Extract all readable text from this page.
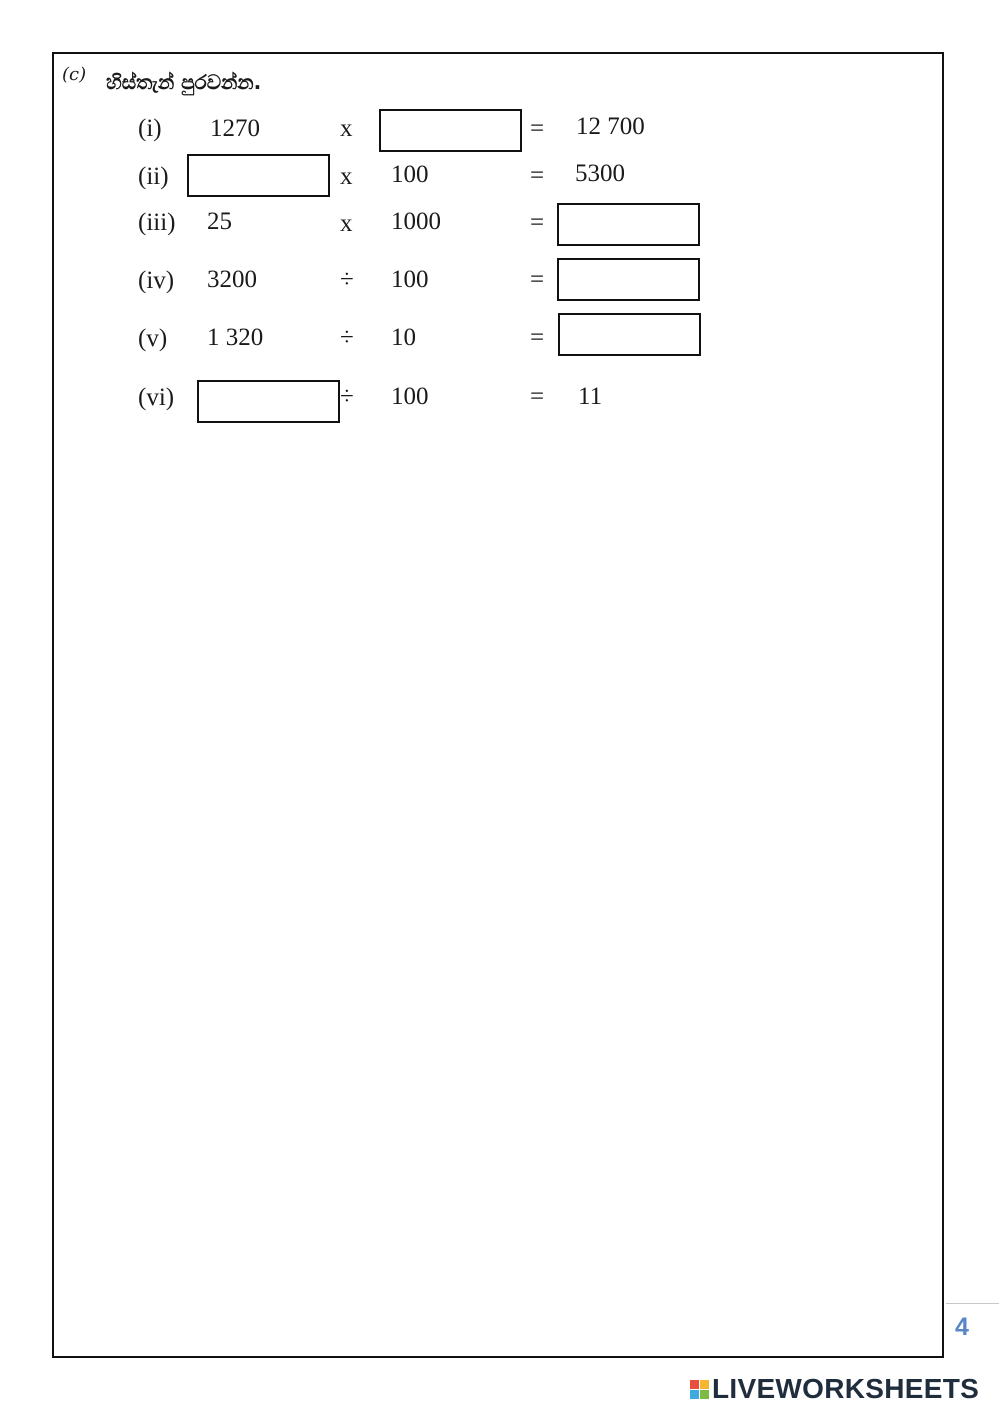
(c) හිස්තැන් පුරවන්න.
(i) 1270	x	= 12 700
(ii)	x 100	= 5300
(iii) 25	x 1000	=
(iv) 3200	÷ 100	=
(v) 1 320	÷ 10	=
(vi)	÷ 100	= 11
4
LIVEWORKSHEETS
